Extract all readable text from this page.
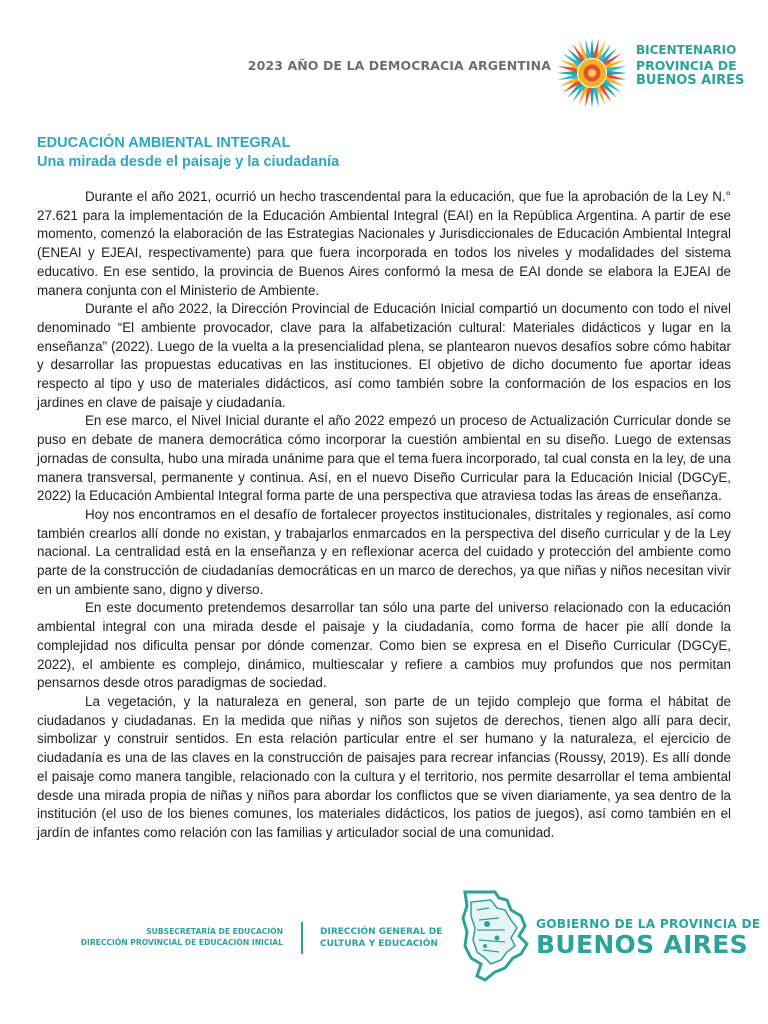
2023 AÑO DE LA DEMOCRACIA ARGENTINA
BICENTENARIO
PROVINCIA DE
BUENOS AIRES
EDUCACIÓN AMBIENTAL INTEGRAL
Una mirada desde el paisaje y la ciudadanía

Durante el año 2021, ocurrió un hecho trascendental para la educación, que fue la aprobación de la Ley N.° 27.621 para la implementación de la Educación Ambiental Integral (EAI) en la República Argentina. A partir de ese momento, comenzó la elaboración de las Estrategias Nacionales y Jurisdiccionales de Educación Ambiental Integral (ENEAI y EJEAI, respectivamente) para que fuera incorporada en todos los niveles y modalidades del sistema educativo. En ese sentido, la provincia de Buenos Aires conformó la mesa de EAI donde se elabora la EJEAI de manera conjunta con el Ministerio de Ambiente.

Durante el año 2022, la Dirección Provincial de Educación Inicial compartió un documento con todo el nivel denominado “El ambiente provocador, clave para la alfabetización cultural: Materiales didácticos y lugar en la enseñanza” (2022). Luego de la vuelta a la presencialidad plena, se plantearon nuevos desafíos sobre cómo habitar y desarrollar las propuestas educativas en las instituciones. El objetivo de dicho documento fue aportar ideas respecto al tipo y uso de materiales didácticos, así como también sobre la conformación de los espacios en los jardines en clave de paisaje y ciudadanía.

En ese marco, el Nivel Inicial durante el año 2022 empezó un proceso de Actualización Curricular donde se puso en debate de manera democrática cómo incorporar la cuestión ambiental en su diseño. Luego de extensas jornadas de consulta, hubo una mirada unánime para que el tema fuera incorporado, tal cual consta en la ley, de una manera transversal, permanente y continua. Así, en el nuevo Diseño Curricular para la Educación Inicial (DGCyE, 2022) la Educación Ambiental Integral forma parte de una perspectiva que atraviesa todas las áreas de enseñanza.

Hoy nos encontramos en el desafío de fortalecer proyectos institucionales, distritales y regionales, así como también crearlos allí donde no existan, y trabajarlos enmarcados en la perspectiva del diseño curricular y de la Ley nacional. La centralidad está en la enseñanza y en reflexionar acerca del cuidado y protección del ambiente como parte de la construcción de ciudadanías democráticas en un marco de derechos, ya que niñas y niños necesitan vivir en un ambiente sano, digno y diverso.

En este documento pretendemos desarrollar tan sólo una parte del universo relacionado con la educación ambiental integral con una mirada desde el paisaje y la ciudadanía, como forma de hacer pie allí donde la complejidad nos dificulta pensar por dónde comenzar. Como bien se expresa en el Diseño Curricular (DGCyE, 2022), el ambiente es complejo, dinámico, multiescalar y refiere a cambios muy profundos que nos permitan pensarnos desde otros paradigmas de sociedad.

La vegetación, y la naturaleza en general, son parte de un tejido complejo que forma el hábitat de ciudadanos y ciudadanas. En la medida que niñas y niños son sujetos de derechos, tienen algo allí para decir, simbolizar y construir sentidos. En esta relación particular entre el ser humano y la naturaleza, el ejercicio de ciudadanía es una de las claves en la construcción de paisajes para recrear infancias (Roussy, 2019). Es allí donde el paisaje como manera tangible, relacionado con la cultura y el territorio, nos permite desarrollar el tema ambiental desde una mirada propia de niñas y niños para abordar los conflictos que se viven diariamente, ya sea dentro de la institución (el uso de los bienes comunes, los materiales didácticos, los patios de juegos), así como también en el jardín de infantes como relación con las familias y articulador social de una comunidad.

SUBSECRETARÍA DE EDUCACIÓN
DIRECCIÓN PROVINCIAL DE EDUCACIÓN INICIAL
DIRECCIÓN GENERAL DE
CULTURA Y EDUCACIÓN
GOBIERNO DE LA PROVINCIA DE
BUENOS AIRES
